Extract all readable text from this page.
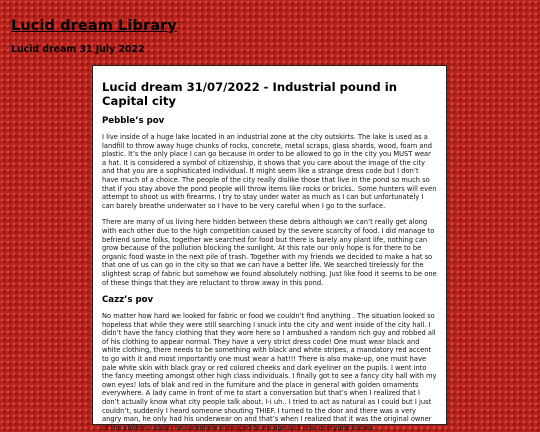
Lucid dream Library
Lucid dream 31 July 2022
Lucid dream 31/07/2022 - Industrial pound in Capital city
Pebble’s pov

I live inside of a huge lake located in an industrial zone at the city outskirts. The lake is used as a landfill to throw away huge chunks of rocks, concrete, metal scraps, glass shards, wood, foam and plastic. It’s the only place I can go because in order to be allowed to go in the city you MUST wear a hat. It is considered a symbol of citizenship, it shows that you care about the image of the city and that you are a sophisticated individual. It might seem like a strange dress code but I don’t have much of a choice. The people of the city really dislike those that live in the pond so much so that if you stay above the pond people will throw items like rocks or bricks.. Some hunters will even attempt to shoot us with firearms. I try to stay under water as much as I can but unfortunately I can barely breathe underwater so I have to be very careful when I go to the surface.

There are many of us living here hidden between these debris although we can’t really get along with each other due to the high competition caused by the severe scarcity of food. I did manage to befriend some folks, together we searched for food but there is barely any plant life, nothing can grow because of the pollution blocking the sunlight. At this rate our only hope is for there to be organic food waste in the next pile of trash. Together with my friends we decided to make a hat so that one of us can go in the city so that we can have a better life. We searched tirelessly for the slightest scrap of fabric but somehow we found absolutely nothing. Just like food it seems to be one of these things that they are reluctant to throw away in this pond.

Cazz’s pov

No matter how hard we looked for fabric or food we couldn’t find anything . The situation looked so hopeless that while they were still searching I snuck into the city and went inside of the city hall. I didn’t have the fancy clothing that they wore here so I ambushed a random rich guy and robbed all of his clothing to appear normal. They have a very strict dress code! One must wear black and white clothing, there needs to be something with black and white stripes, a mandatory red accent to go with it and most importantly one must wear a hat!!! There is also make-up, one must have pale white skin with black gray or red colored cheeks and dark eyeliner on the pupils. I went into the fancy meeting amongst other high class individuals. I finally got to see a fancy city hall with my own eyes! lots of blak and red in the furniture and the place in general with golden ornaments everywhere. A lady came in front of me to start a conversation but that’s when I realized that I don’t actually know what city people talk about. I-i uh.. I tried to act as natural as I could but I just couldn’t, suddenly I heard someone shouting THIEF. I turned to the door and there was a very angry man, he only had his underwear on and that’s when I realized that it was the original owner of the clothes I stole! he somehow managed to escape and now everyone knows
